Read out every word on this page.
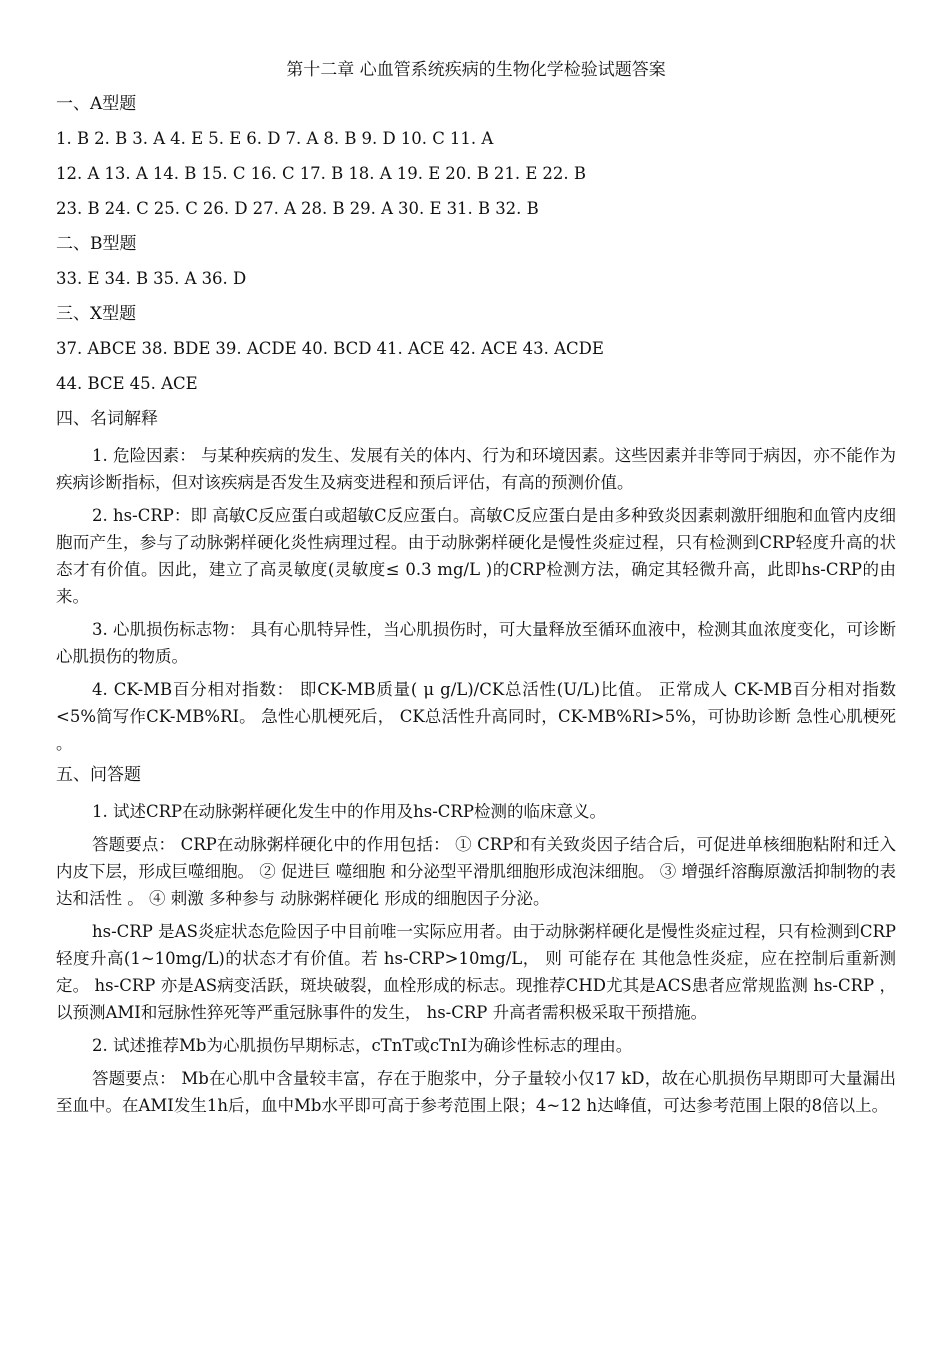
第十二章 心血管系统疾病的生物化学检验试题答案
一、A型题
1. B 2. B 3. A 4. E 5. E 6. D 7. A 8. B 9. D 10. C 11. A
12. A 13. A 14. B 15. C 16. C 17. B 18. A 19. E 20. B 21. E 22. B
23. B 24. C 25. C 26. D 27. A 28. B 29. A 30. E 31. B 32. B
二、B型题
33. E 34. B 35. A 36. D
三、X型题
37. ABCE 38. BDE 39. ACDE 40. BCD 41. ACE 42. ACE 43. ACDE
44. BCE 45. ACE
四、名词解释
1. 危险因素： 与某种疾病的发生、发展有关的体内、行为和环境因素。这些因素并非等同于病因，亦不能作为疾病诊断指标，但对该疾病是否发生及病变进程和预后评估，有高的预测价值。
2. hs-CRP：即 高敏C反应蛋白或超敏C反应蛋白。高敏C反应蛋白是由多种致炎因素刺激肝细胞和血管内皮细胞而产生，参与了动脉粥样硬化炎性病理过程。由于动脉粥样硬化是慢性炎症过程，只有检测到CRP轻度升高的状态才有价值。因此，建立了高灵敏度(灵敏度≤ 0.3 mg/L )的CRP检测方法，确定其轻微升高，此即hs-CRP的由来。
3. 心肌损伤标志物： 具有心肌特异性，当心肌损伤时，可大量释放至循环血液中，检测其血浓度变化，可诊断心肌损伤的物质。
4. CK-MB百分相对指数： 即CK-MB质量( μ g/L)/CK总活性(U/L)比值。 正常成人 CK-MB百分相对指数 <5%简写作CK-MB%RI。 急性心肌梗死后， CK总活性升高同时，CK-MB%RI>5%，可协助诊断 急性心肌梗死 。
五、问答题
1. 试述CRP在动脉粥样硬化发生中的作用及hs-CRP检测的临床意义。
答题要点： CRP在动脉粥样硬化中的作用包括： ① CRP和有关致炎因子结合后，可促进单核细胞粘附和迁入内皮下层，形成巨噬细胞。 ② 促进巨 噬细胞 和分泌型平滑肌细胞形成泡沫细胞。 ③ 增强纤溶酶原激活抑制物的表达和活性 。 ④ 刺激 多种参与 动脉粥样硬化 形成的细胞因子分泌。
hs-CRP 是AS炎症状态危险因子中目前唯一实际应用者。由于动脉粥样硬化是慢性炎症过程，只有检测到CRP轻度升高(1~10mg/L)的状态才有价值。若 hs-CRP>10mg/L， 则 可能存在 其他急性炎症，应在控制后重新测定。 hs-CRP 亦是AS病变活跃，斑块破裂，血栓形成的标志。现推荐CHD尤其是ACS患者应常规监测 hs-CRP ，以预测AMI和冠脉性猝死等严重冠脉事件的发生， hs-CRP 升高者需积极采取干预措施。
2. 试述推荐Mb为心肌损伤早期标志，cTnT或cTnI为确诊性标志的理由。
答题要点： Mb在心肌中含量较丰富，存在于胞浆中，分子量较小仅17 kD，故在心肌损伤早期即可大量漏出至血中。在AMI发生1h后，血中Mb水平即可高于参考范围上限；4~12 h达峰值，可达参考范围上限的8倍以上。
